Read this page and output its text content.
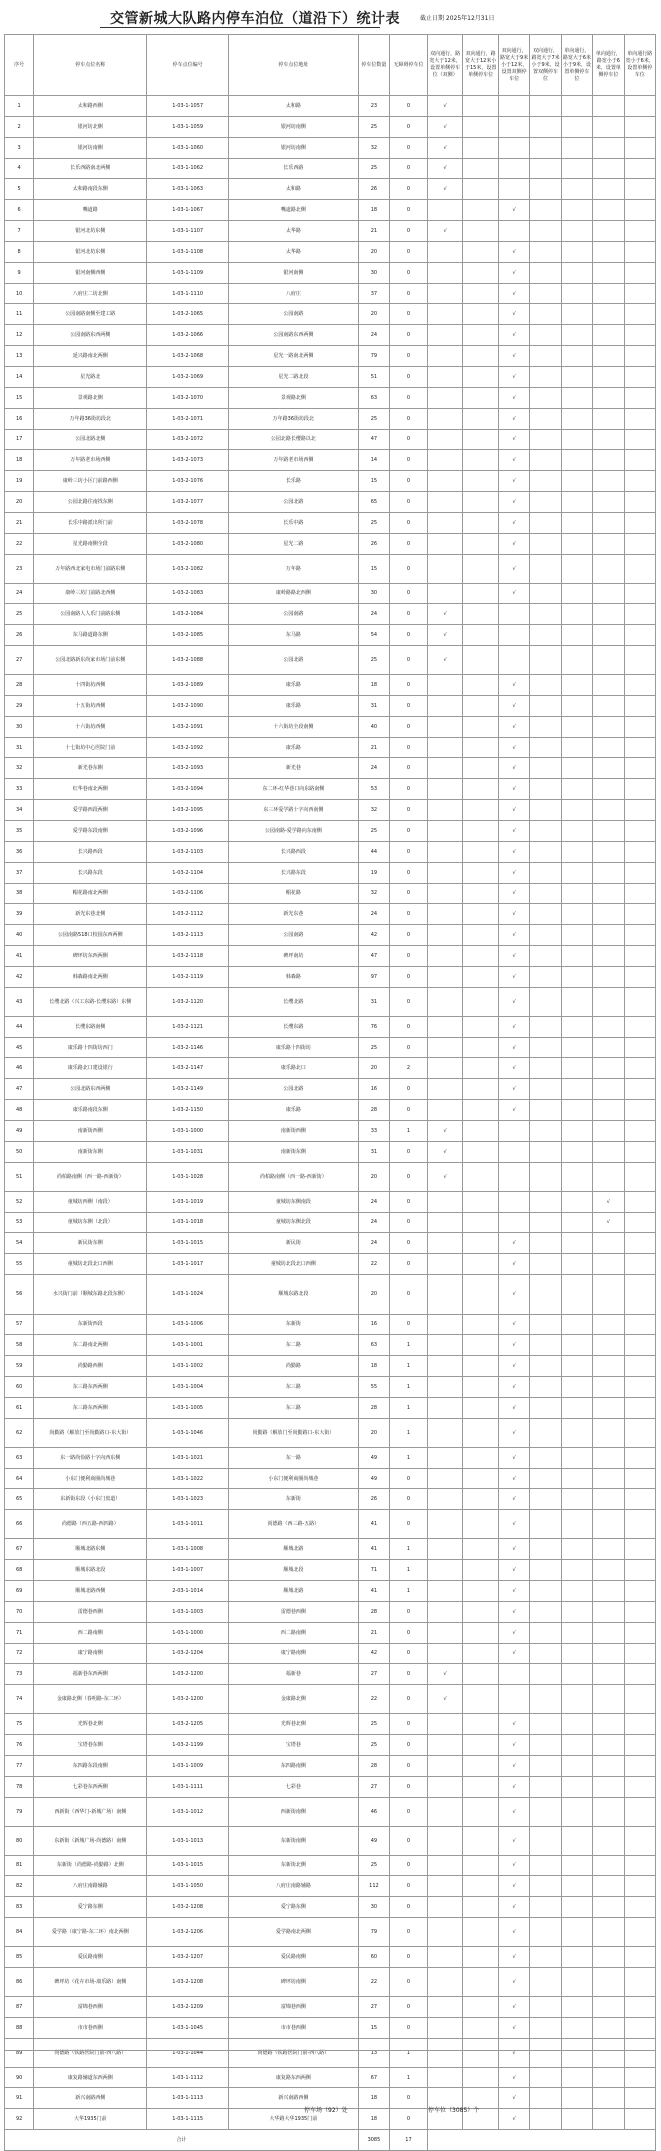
交管新城大队路内停车泊位（道沿下）统计表	截止日期 2025年12月31日
序号	停车点位名称	停车点位编号	停车点位地址	停车位数量	无障碍停车位	双向通行，路宽大于12米，设置单侧停车位（双侧）	双向通行，路宽大于12米小于15米，设置单侧停车位	双向通行，路宽大于9米小于12米，设置双侧停车位	双向通行，路宽大于7米小于9米，设置双侧停车位	单向通行，路宽大于6米小于9米，设置单侧停车位	单向通行，路宽小于6米，设置单侧停车位	单向通行路宽小于6米，设置单侧停车位
1	太和路西侧	1-03-1-1057	太和路	23	0	√						
2	银河坊北侧	1-03-1-1059	银河坊南侧	25	0	√						
3	银河坊南侧	1-03-1-1060	银河坊南侧	32	0	√						
4	长乐西路南北两侧	1-03-1-1062	长乐西路	25	0	√						
5	太和路南段东侧	1-03-1-1063	太和路	26	0	√						
6	嘴道路	1-03-1-1067	嘴道路北侧	18	0			√				
7	银河北坊东侧	1-03-1-1107	太华路	21	0	√						
8	银河北坊东侧	1-03-1-1108	太华路	20	0			√				
9	银河南侧西侧	1-03-1-1109	银河南侧	30	0			√				
10	八府庄二坊北侧	1-03-1-1110	八府庄	37	0			√				
11	公园南路南侧至建工路	1-03-2-1065	公园南路	20	0			√				
12	公园南路东西两侧	1-03-2-1066	公园南路东西两侧	24	0			√				
13	延兴路南北两侧	1-03-2-1068	星光一路南北两侧	79	0			√				
14	星光路北	1-03-2-1069	星光二路北段	51	0			√				
15	景观路北侧	1-03-2-1070	景观路北侧	63	0			√				
16	万年路36街坊段北	1-03-2-1071	万年路36街坊段北	25	0			√				
17	公园北路北侧	1-03-2-1072	公园北路长缨路以北	47	0			√				
18	万年路老市场西侧	1-03-2-1073	万年路老市场西侧	14	0			√				
19	康岭三坊小区门前路西侧	1-03-2-1076	长乐路	15	0			√				
20	公园北路往南找东侧	1-03-2-1077	公园北路	65	0			√				
21	长乐中路派出所门前	1-03-2-1078	长乐中路	25	0			√				
22	星光路南侧全段	1-03-2-1080	星光二路	26	0			√				
23	万年路西北家电市场门前路东侧	1-03-2-1082	万年路	15	0			√				
24	康岭三坊门前路北西侧	1-03-2-1083	康岭路路北西侧	30	0			√				
25	公园南路人人乐门前路东侧	1-03-2-1084	公园南路	24	0	√						
26	东马路道路东侧	1-03-2-1085	东马路	54	0	√						
27	公园北路新东尚家市场门前东侧	1-03-2-1088	公园北路	25	0	√						
28	十四街坊西侧	1-03-2-1089	康乐路	18	0			√				
29	十五街坊西侧	1-03-2-1090	康乐路	31	0			√				
30	十六街坊西侧	1-03-2-1091	十六街坊全段南侧	40	0			√				
31	十七街坊中心医院门前	1-03-2-1092	康乐路	21	0			√				
32	新光巷东侧	1-03-2-1093	新光巷	24	0			√				
33	红华巷南北两侧	1-03-2-1094	东二环-红华巷口向东路南侧	53	0			√				
34	爱学路西段两侧	1-03-2-1095	东三环爱学路十字向西南侧	32	0			√				
35	爱学路东段南侧	1-03-2-1096	公园南路-爱学路向东南侧	25	0			√				
36	长兴路西段	1-03-2-1103	长兴路西段	44	0			√				
37	长兴路东段	1-03-2-1104	长兴路东段	19	0			√				
38	帽花路南北两侧	1-03-2-1106	帽花路	32	0			√				
39	新光东巷北侧	1-03-2-1112	新光东巷	24	0			√				
40	公园南路518口校园东西两侧	1-03-2-1113	公园南路	42	0			√				
41	碑坪坊东西两侧	1-03-2-1118	碑坪南坊	47	0			√				
42	韩森路南北两侧	1-03-2-1119	韩森路	97	0			√				
43	长缨北路（兴工东路-长缨东路）东侧	1-03-2-1120	长缨北路	31	0			√				
44	长缨东路南侧	1-03-2-1121	长缨东路	76	0			√				
45	康乐路十四街坊西门	1-03-2-1146	康乐路十四街坊	25	0			√				
46	康乐路北口建设银行	1-03-2-1147	康乐路北口	20	2			√				
47	公园北路东西两侧	1-03-2-1149	公园北路	16	0			√				
48	康乐路南段东侧	1-03-2-1150	康乐路	28	0			√				
49	南新街西侧	1-03-1-1000	南新街西侧	33	1	√						
50	南新街东侧	1-03-1-1031	南新街东侧	31	0	√						
51	尚柏路南侧（西一路-西新街）	1-03-1-1028	尚柏路南侧（西一路-西新街）	20	0	√						
52	童城坊西侧（南段）	1-03-1-1019	童城坊东侧南段	24	0						√	
53	童城坊东侧（北段）	1-03-1-1018	童城坊东侧北段	24	0						√	
54	新民街东侧	1-03-1-1015	新民街	24	0			√				
55	童城坊北段北口西侧	1-03-1-1017	童城坊北段北口西侧	22	0			√				
56	水兴街门前（顺城东路北段东侧）	1-03-1-1024	顺城东路北段	20	0			√				
57	东新街西段	1-03-1-1006	东新街	16	0			√				
58	东二路南北两侧	1-03-1-1001	东二路	63	1			√				
59	尚勤路西侧	1-03-1-1002	尚勤路	18	1			√				
60	东三路东西两侧	1-03-1-1004	东三路	55	1			√				
61	东三路东西两侧	1-03-1-1005	东三路	28	1			√				
62	尚勤路（解放门至尚勤路口-东大街）	1-03-1-1046	尚勤路（解放门至尚勤路口-东大街）	20	1			√				
63	东一路尚俭路十字向西东侧	1-03-1-1021	东一路	49	1			√				
64	小东门便利商圈尚城巷	1-03-1-1022	小东门便利商圈尚城巷	49	0			√				
65	东新街东段（小东门盘道）	1-03-1-1023	东新街	26	0			√				
66	尚德路（西五路-西四路）	1-03-1-1011	尚德路（西三路-五路）	41	0			√				
67	顺城北路东侧	1-03-1-1008	顺城北路	41	1			√				
68	顺城东路北段	1-03-1-1007	顺城北段	71	1			√				
69	顺城北路西侧	2-03-1-1014	顺城北路	41	1			√				
70	雷德巷西侧	1-03-1-1003	雷德巷西侧	28	0			√				
71	西二路南侧	1-03-1-1000	西二路南侧	21	0			√				
72	康宁路南侧	1-03-2-1204	康宁路南侧	42	0			√				
73	福新巷东西两侧	1-03-2-1200	福新巷	27	0	√						
74	金康路北侧（春明路-东二环）	1-03-2-1200	金康路北侧	22	0	√						
75	光辉巷北侧	1-03-2-1205	光辉巷北侧	25	0			√				
76	宝塔巷东侧	1-03-2-1199	宝塔巷	25	0			√				
77	东四路东段南侧	1-03-1-1009	东四路南侧	28	0			√				
78	七彩巷东西两侧	1-03-1-1111	七彩巷	27	0			√				
79	西新街（西华门-新城广场）南侧	1-03-1-1012	西新街南侧	46	0			√				
80	东新街（新城广场-尚德路）南侧	1-03-1-1013	东新街南侧	49	0			√				
81	东新街（尚德路-尚勤路）北侧	1-03-1-1015	东新街北侧	25	0			√				
82	八府庄南路辅路	1-03-1-1050	八府庄南路辅路	112	0			√				
83	爱宁路东侧	1-03-2-1208	爱宁路东侧	30	0			√				
84	爱学路（康宁路-东二环）南北两侧	1-03-2-1206	爱学路南北两侧	79	0			√				
85	爱民路南侧	1-03-2-1207	爱民路南侧	60	0			√				
86	碑坪坊（花卉市场-康乐路）南侧	1-03-2-1208	碑坪坊南侧	22	0			√				
87	富锦巷西侧	1-03-2-1209	富锦巷西侧	27	0			√				
88	市市巷西侧	1-03-1-1045	市市巷西侧	15	0			√				
89	尚德路（铁路医院门前-西八路）	1-03-1-1044	尚德路（铁路医院门前-西八路）	13	1			√				
90	康复路辅道东西两侧	1-03-1-1112	康复路东西两侧	67	1			√				
91	新兴南路西侧	1-03-1-1113	新兴南路西侧	18	0			√				
92	大华1935门前	1-03-1-1115	大华路大华1935门前	18	0			√				
合计				3085	17							
停车场（92）处	停车位（3085）个
